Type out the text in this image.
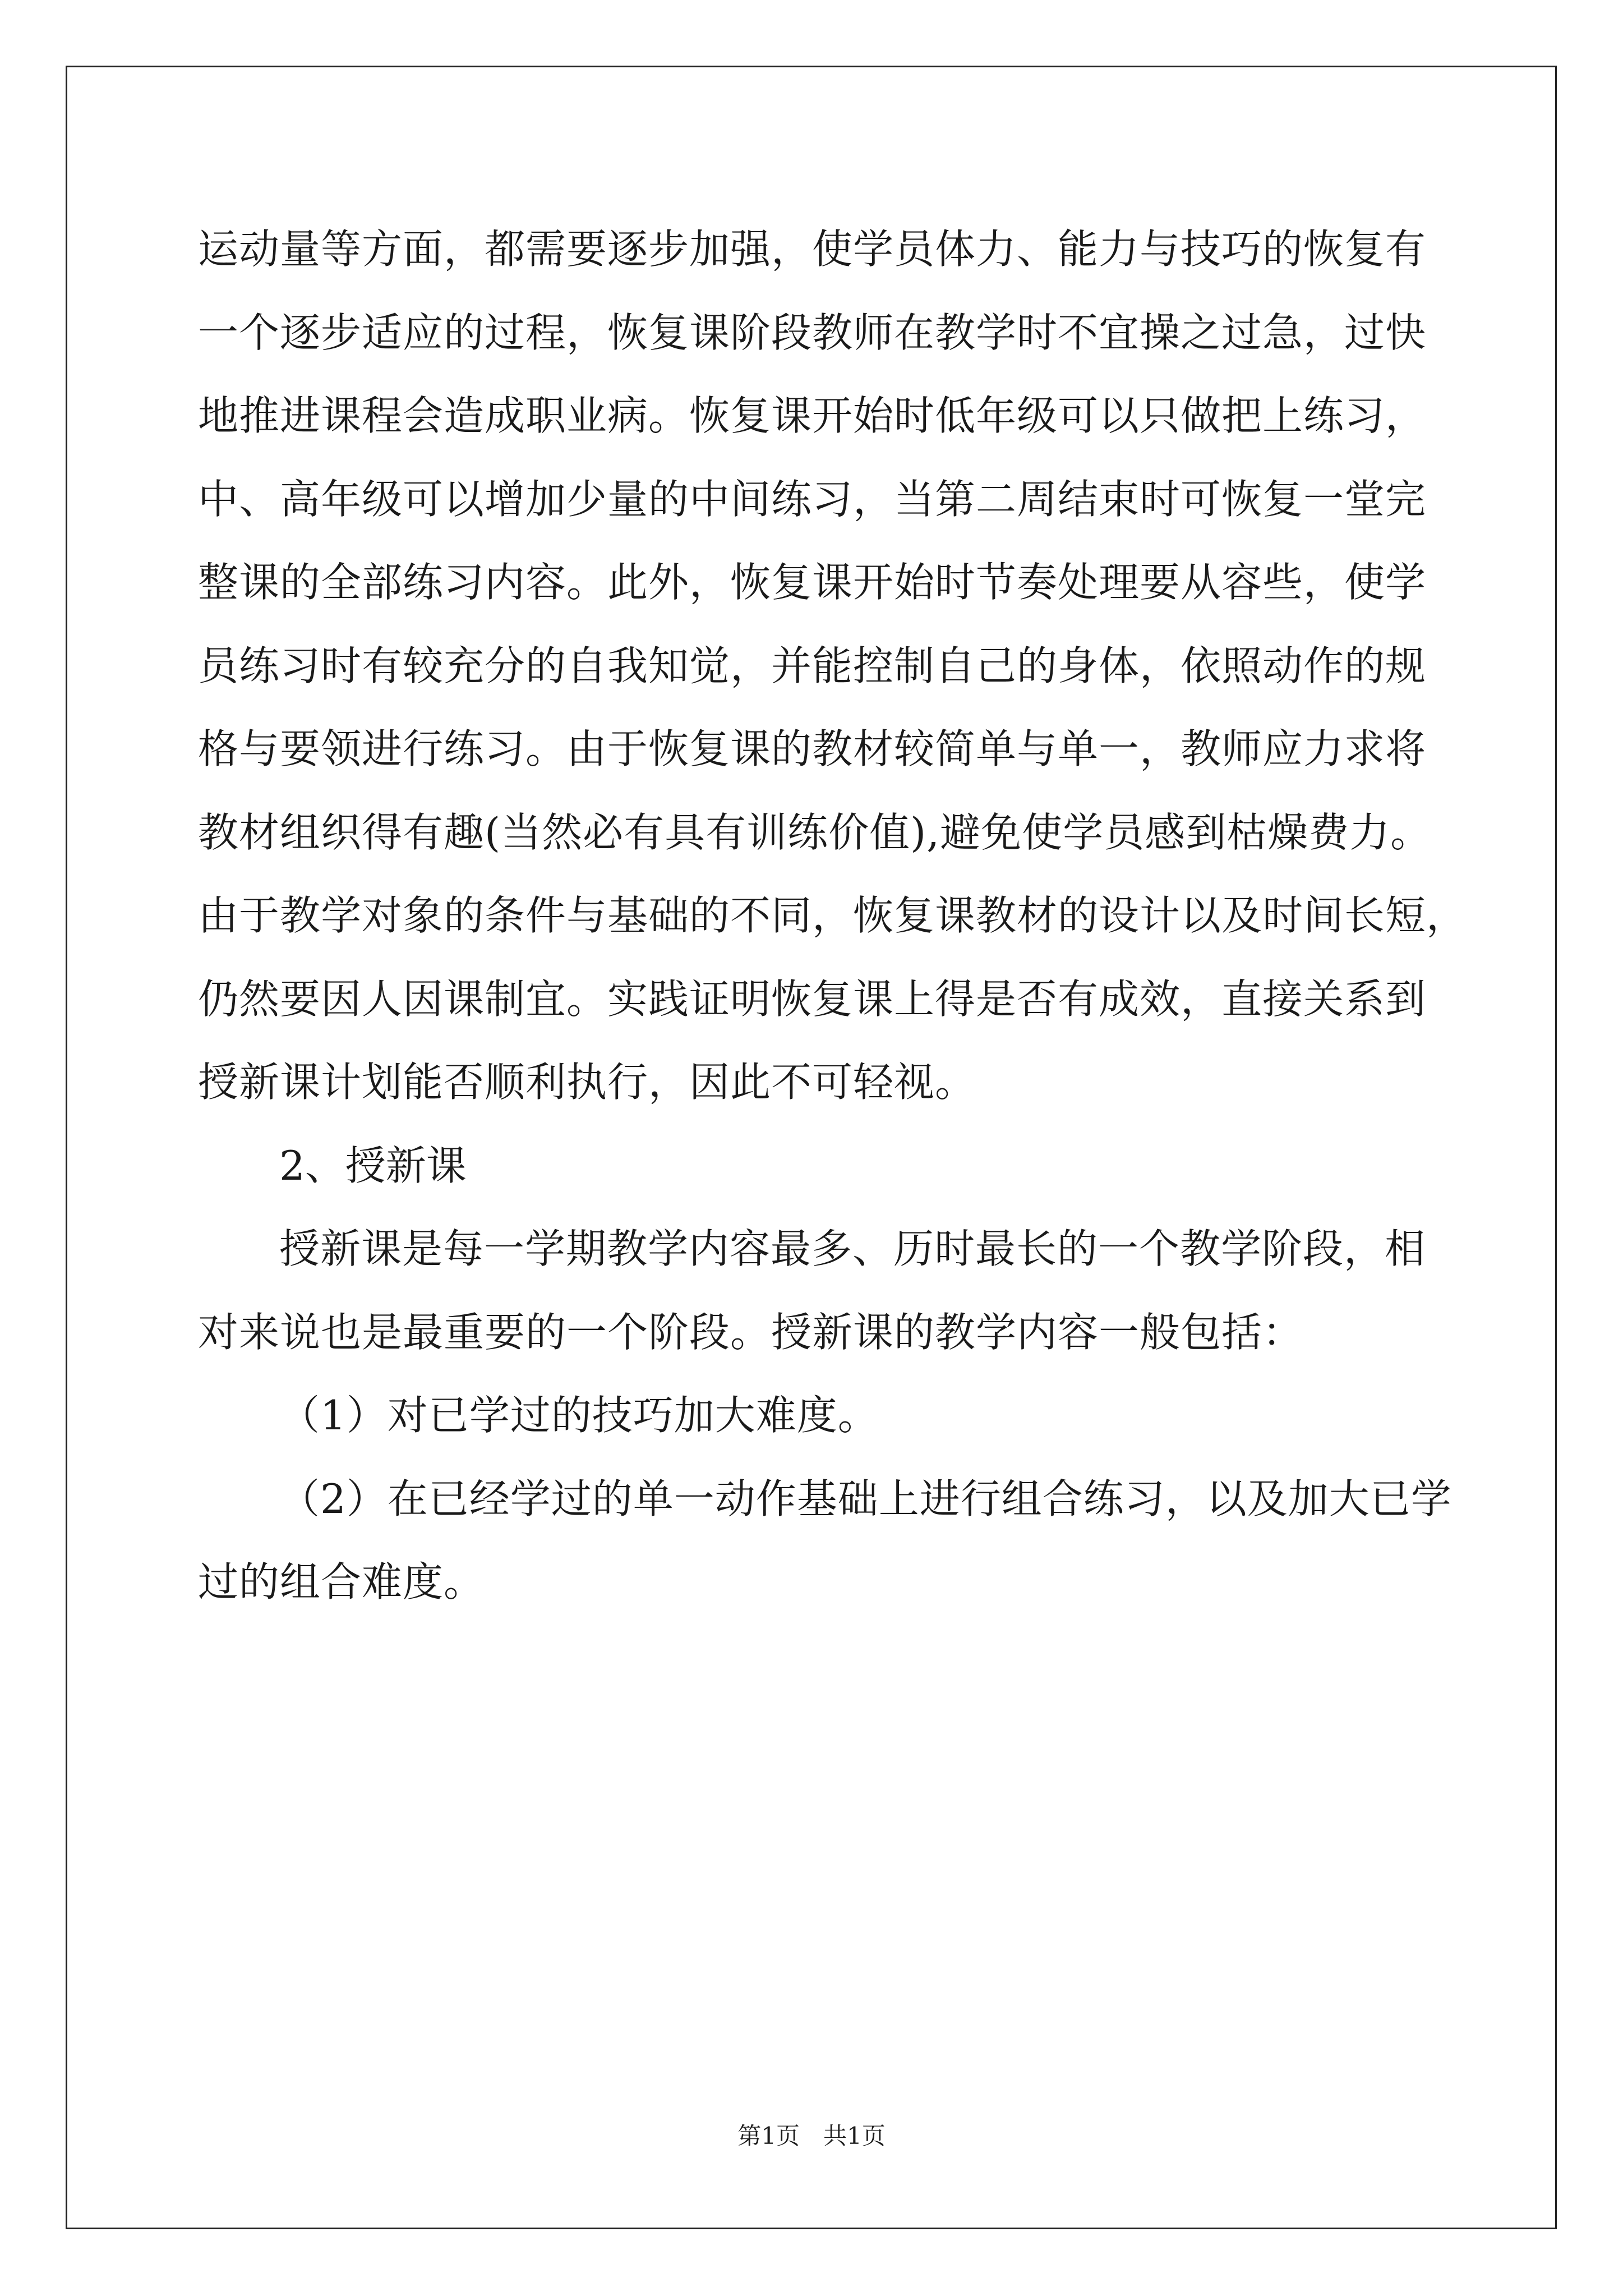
运动量等方面，都需要逐步加强，使学员体力、能力与技巧的恢复有
一个逐步适应的过程，恢复课阶段教师在教学时不宜操之过急，过快
地推进课程会造成职业病。恢复课开始时低年级可以只做把上练习，
中、高年级可以增加少量的中间练习，当第二周结束时可恢复一堂完
整课的全部练习内容。此外，恢复课开始时节奏处理要从容些，使学
员练习时有较充分的自我知觉，并能控制自己的身体，依照动作的规
格与要领进行练习。由于恢复课的教材较简单与单一，教师应力求将
教材组织得有趣(当然必有具有训练价值),避免使学员感到枯燥费力。
由于教学对象的条件与基础的不同，恢复课教材的设计以及时间长短，
仍然要因人因课制宜。实践证明恢复课上得是否有成效，直接关系到
授新课计划能否顺利执行，因此不可轻视。

2、授新课

授新课是每一学期教学内容最多、历时最长的一个教学阶段，相
对来说也是最重要的一个阶段。授新课的教学内容一般包括：

（1）对已学过的技巧加大难度。

（2）在已经学过的单一动作基础上进行组合练习，以及加大已学
过的组合难度。

第1页　共1页
